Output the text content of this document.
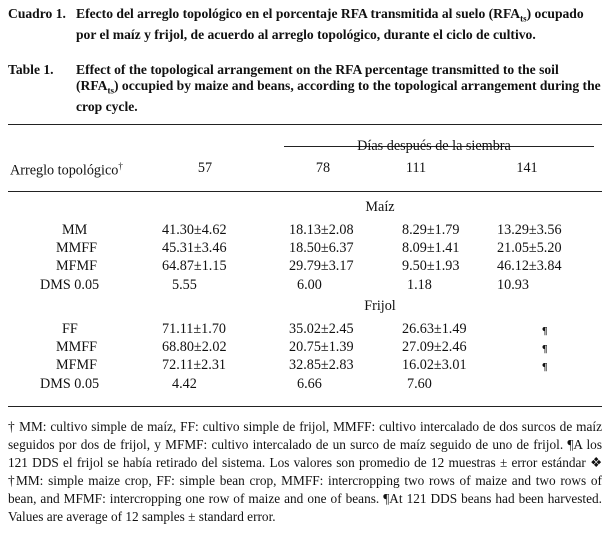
Cuadro 1. Efecto del arreglo topológico en el porcentaje RFA transmitida al suelo $(RFA_{ts})$ ocupado por el maíz y frijol, de acuerdo al arreglo topológico, durante el ciclo de cultivo.
Table 1. Effect of the topological arrangement on the RFA percentage transmitted to the soil $(RFA_{ts})$ occupied by maize and beans, according to the topological arrangement during the crop cycle.
Días después de la siembra
Arreglo topológico†	57	78	111	141
Maíz
MM	41.30±4.62	18.13±2.08	8.29±1.79	13.29±3.56
MMFF	45.31±3.46	18.50±6.37	8.09±1.41	21.05±5.20
MFMF	64.87±1.15	29.79±3.17	9.50±1.93	46.12±3.84
DMS 0.05	5.55	6.00	1.18	10.93
Frijol
FF	71.11±1.70	35.02±2.45	26.63±1.49	¶
MMFF	68.80±2.02	20.75±1.39	27.09±2.46	¶
MFMF	72.11±2.31	32.85±2.83	16.02±3.01	¶
DMS 0.05	4.42	6.66	7.60
† MM: cultivo simple de maíz, FF: cultivo simple de frijol, MMFF: cultivo intercalado de dos surcos de maíz seguidos por dos de frijol, y MFMF: cultivo intercalado de un surco de maíz seguido de uno de frijol. ¶A los 121 DDS el frijol se había retirado del sistema. Los valores son promedio de 12 muestras ± error estándar ❖ †MM: simple maize crop, FF: simple bean crop, MMFF: intercropping two rows of maize and two rows of bean, and MFMF: intercropping one row of maize and one of beans. ¶At 121 DDS beans had been harvested. Values are average of 12 samples ± standard error.
